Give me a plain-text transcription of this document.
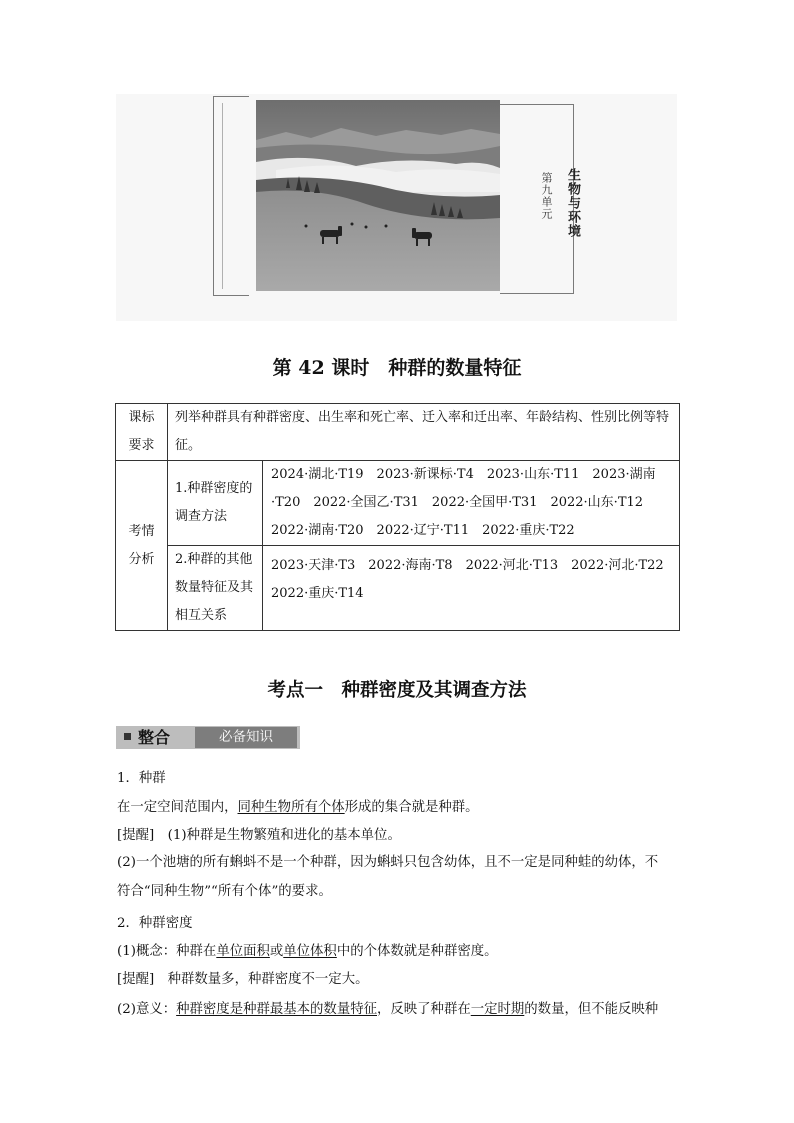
第九单元 生物与环境
第 42 课时　种群的数量特征
课标要求	列举种群具有种群密度、出生率和死亡率、迁入率和迁出率、年龄结构、性别比例等特征。	
考情分析	1.种群密度的调查方法	2024·湖北·T19　2023·新课标·T4　2023·山东·T11　2023·湖南·T20　2022·全国乙·T31　2022·全国甲·T31　2022·山东·T12　2022·湖南·T20　2022·辽宁·T11　2022·重庆·T22
	2.种群的其他数量特征及其相互关系	2023·天津·T3　2022·海南·T8　2022·河北·T13　2022·河北·T22　2022·重庆·T14
考点一　种群密度及其调查方法
整合	必备知识
1．种群
在一定空间范围内，同种生物所有个体形成的集合就是种群。
[提醒]　(1)种群是生物繁殖和进化的基本单位。
(2)一个池塘的所有蝌蚪不是一个种群，因为蝌蚪只包含幼体，且不一定是同种蛙的幼体，不
符合“同种生物”“所有个体”的要求。
2．种群密度
(1)概念：种群在单位面积或单位体积中的个体数就是种群密度。
[提醒]　种群数量多，种群密度不一定大。
(2)意义：种群密度是种群最基本的数量特征，反映了种群在一定时期的数量，但不能反映种
